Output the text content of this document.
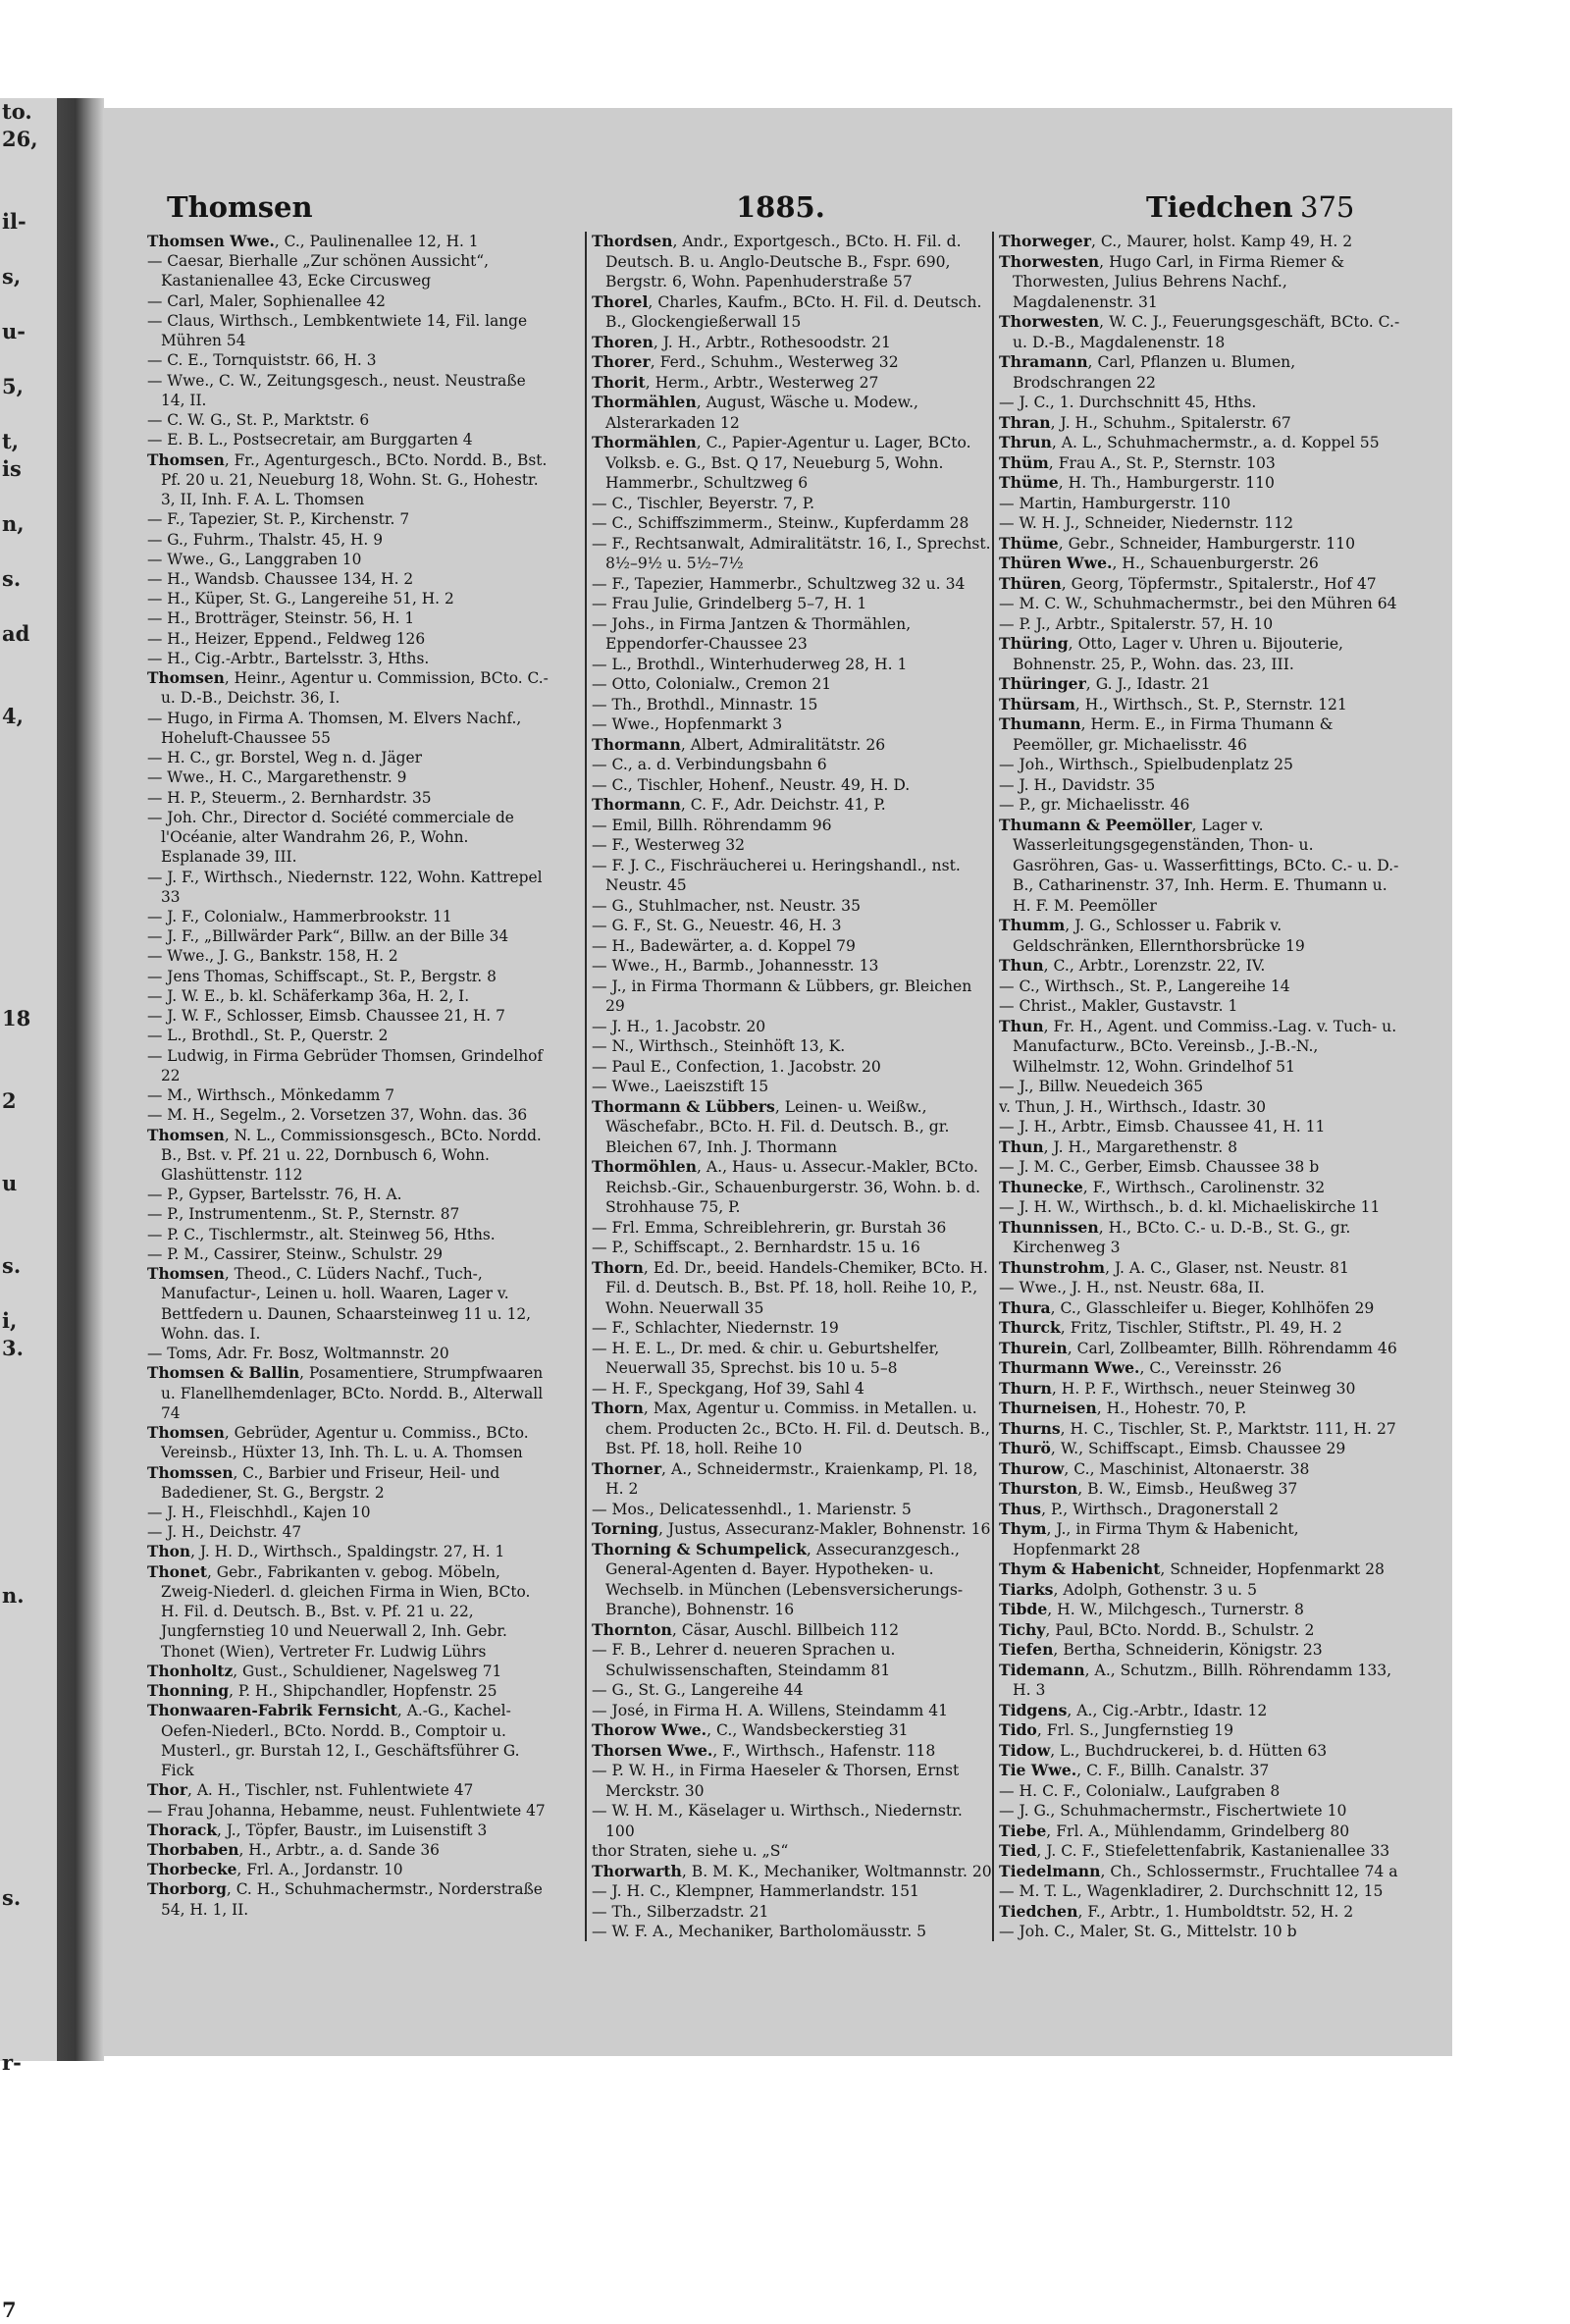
to.
26,
il-
s,
u-
5,
t,
is
n,
s.
ad
4,
18
2
u
s.
i,
3.
n.
s.
r-
7
Thomsen	1885.	Tiedchen 375

Thomsen Wwe., C., Paulinenallee 12, H. 1

— Caesar, Bierhalle „Zur schönen Aussicht“, Kastanienallee 43, Ecke Circusweg

— Carl, Maler, Sophienallee 42

— Claus, Wirthsch., Lembkentwiete 14, Fil. lange Mühren 54

— C. E., Tornquiststr. 66, H. 3

— Wwe., C. W., Zeitungsgesch., neust. Neustraße 14, II.

— C. W. G., St. P., Marktstr. 6

— E. B. L., Postsecretair, am Burggarten 4

Thomsen, Fr., Agenturgesch., BCto. Nordd. B., Bst. Pf. 20 u. 21, Neueburg 18, Wohn. St. G., Hohestr. 3, II, Inh. F. A. L. Thomsen

— F., Tapezier, St. P., Kirchenstr. 7

— G., Fuhrm., Thalstr. 45, H. 9

— Wwe., G., Langgraben 10

— H., Wandsb. Chaussee 134, H. 2

— H., Küper, St. G., Langereihe 51, H. 2

— H., Brotträger, Steinstr. 56, H. 1

— H., Heizer, Eppend., Feldweg 126

— H., Cig.-Arbtr., Bartelsstr. 3, Hths.

Thomsen, Heinr., Agentur u. Commission, BCto. C.- u. D.-B., Deichstr. 36, I.

— Hugo, in Firma A. Thomsen, M. Elvers Nachf., Hoheluft-Chaussee 55

— H. C., gr. Borstel, Weg n. d. Jäger

— Wwe., H. C., Margarethenstr. 9

— H. P., Steuerm., 2. Bernhardstr. 35

— Joh. Chr., Director d. Société commerciale de l'Océanie, alter Wandrahm 26, P., Wohn. Esplanade 39, III.

— J. F., Wirthsch., Niedernstr. 122, Wohn. Kattrepel 33

— J. F., Colonialw., Hammerbrookstr. 11

— J. F., „Billwärder Park“, Billw. an der Bille 34

— Wwe., J. G., Bankstr. 158, H. 2

— Jens Thomas, Schiffscapt., St. P., Bergstr. 8

— J. W. E., b. kl. Schäferkamp 36a, H. 2, I.

— J. W. F., Schlosser, Eimsb. Chaussee 21, H. 7

— L., Brothdl., St. P., Querstr. 2

— Ludwig, in Firma Gebrüder Thomsen, Grindelhof 22

— M., Wirthsch., Mönkedamm 7

— M. H., Segelm., 2. Vorsetzen 37, Wohn. das. 36

Thomsen, N. L., Commissionsgesch., BCto. Nordd. B., Bst. v. Pf. 21 u. 22, Dornbusch 6, Wohn. Glashüttenstr. 112

— P., Gypser, Bartelsstr. 76, H. A.

— P., Instrumentenm., St. P., Sternstr. 87

— P. C., Tischlermstr., alt. Steinweg 56, Hths.

— P. M., Cassirer, Steinw., Schulstr. 29

Thomsen, Theod., C. Lüders Nachf., Tuch-, Manufactur-, Leinen u. holl. Waaren, Lager v. Bettfedern u. Daunen, Schaarsteinweg 11 u. 12, Wohn. das. I.

— Toms, Adr. Fr. Bosz, Woltmannstr. 20

Thomsen & Ballin, Posamentiere, Strumpfwaaren u. Flanellhemdenlager, BCto. Nordd. B., Alterwall 74

Thomsen, Gebrüder, Agentur u. Commiss., BCto. Vereinsb., Hüxter 13, Inh. Th. L. u. A. Thomsen

Thomssen, C., Barbier und Friseur, Heil- und Badediener, St. G., Bergstr. 2

— J. H., Fleischhdl., Kajen 10

— J. H., Deichstr. 47

Thon, J. H. D., Wirthsch., Spaldingstr. 27, H. 1

Thonet, Gebr., Fabrikanten v. gebog. Möbeln, Zweig-Niederl. d. gleichen Firma in Wien, BCto. H. Fil. d. Deutsch. B., Bst. v. Pf. 21 u. 22, Jungfernstieg 10 und Neuerwall 2, Inh. Gebr. Thonet (Wien), Vertreter Fr. Ludwig Lührs

Thonholtz, Gust., Schuldiener, Nagelsweg 71

Thonning, P. H., Shipchandler, Hopfenstr. 25

Thonwaaren-Fabrik Fernsicht, A.-G., Kachel-Oefen-Niederl., BCto. Nordd. B., Comptoir u. Musterl., gr. Burstah 12, I., Geschäftsführer G. Fick

Thor, A. H., Tischler, nst. Fuhlentwiete 47

— Frau Johanna, Hebamme, neust. Fuhlentwiete 47

Thorack, J., Töpfer, Baustr., im Luisenstift 3

Thorbaben, H., Arbtr., a. d. Sande 36

Thorbecke, Frl. A., Jordanstr. 10

Thorborg, C. H., Schuhmachermstr., Norderstraße 54, H. 1, II.

Thordsen, Andr., Exportgesch., BCto. H. Fil. d. Deutsch. B. u. Anglo-Deutsche B., Fspr. 690, Bergstr. 6, Wohn. Papenhuderstraße 57

Thorel, Charles, Kaufm., BCto. H. Fil. d. Deutsch. B., Glockengießerwall 15

Thoren, J. H., Arbtr., Rothesoodstr. 21

Thorer, Ferd., Schuhm., Westerweg 32

Thorit, Herm., Arbtr., Westerweg 27

Thormählen, August, Wäsche u. Modew., Alsterarkaden 12

Thormählen, C., Papier-Agentur u. Lager, BCto. Volksb. e. G., Bst. Q 17, Neueburg 5, Wohn. Hammerbr., Schultzweg 6

— C., Tischler, Beyerstr. 7, P.

— C., Schiffszimmerm., Steinw., Kupferdamm 28

— F., Rechtsanwalt, Admiralitätstr. 16, I., Sprechst. 8½–9½ u. 5½–7½

— F., Tapezier, Hammerbr., Schultzweg 32 u. 34

— Frau Julie, Grindelberg 5–7, H. 1

— Johs., in Firma Jantzen & Thormählen, Eppendorfer-Chaussee 23

— L., Brothdl., Winterhuderweg 28, H. 1

— Otto, Colonialw., Cremon 21

— Th., Brothdl., Minnastr. 15

— Wwe., Hopfenmarkt 3

Thormann, Albert, Admiralitätstr. 26

— C., a. d. Verbindungsbahn 6

— C., Tischler, Hohenf., Neustr. 49, H. D.

Thormann, C. F., Adr. Deichstr. 41, P.

— Emil, Billh. Röhrendamm 96

— F., Westerweg 32

— F. J. C., Fischräucherei u. Heringshandl., nst. Neustr. 45

— G., Stuhlmacher, nst. Neustr. 35

— G. F., St. G., Neuestr. 46, H. 3

— H., Badewärter, a. d. Koppel 79

— Wwe., H., Barmb., Johannesstr. 13

— J., in Firma Thormann & Lübbers, gr. Bleichen 29

— J. H., 1. Jacobstr. 20

— N., Wirthsch., Steinhöft 13, K.

— Paul E., Confection, 1. Jacobstr. 20

— Wwe., Laeiszstift 15

Thormann & Lübbers, Leinen- u. Weißw., Wäschefabr., BCto. H. Fil. d. Deutsch. B., gr. Bleichen 67, Inh. J. Thormann

Thormöhlen, A., Haus- u. Assecur.-Makler, BCto. Reichsb.-Gir., Schauenburgerstr. 36, Wohn. b. d. Strohhause 75, P.

— Frl. Emma, Schreiblehrerin, gr. Burstah 36

— P., Schiffscapt., 2. Bernhardstr. 15 u. 16

Thorn, Ed. Dr., beeid. Handels-Chemiker, BCto. H. Fil. d. Deutsch. B., Bst. Pf. 18, holl. Reihe 10, P., Wohn. Neuerwall 35

— F., Schlachter, Niedernstr. 19

— H. E. L., Dr. med. & chir. u. Geburtshelfer, Neuerwall 35, Sprechst. bis 10 u. 5–8

— H. F., Speckgang, Hof 39, Sahl 4

Thorn, Max, Agentur u. Commiss. in Metallen. u. chem. Producten 2c., BCto. H. Fil. d. Deutsch. B., Bst. Pf. 18, holl. Reihe 10

Thorner, A., Schneidermstr., Kraienkamp, Pl. 18, H. 2

— Mos., Delicatessenhdl., 1. Marienstr. 5

Torning, Justus, Assecuranz-Makler, Bohnenstr. 16

Thorning & Schumpelick, Assecuranzgesch., General-Agenten d. Bayer. Hypotheken- u. Wechselb. in München (Lebensversicherungs-Branche), Bohnenstr. 16

Thornton, Cäsar, Auschl. Billbeich 112

— F. B., Lehrer d. neueren Sprachen u. Schulwissenschaften, Steindamm 81

— G., St. G., Langereihe 44

— José, in Firma H. A. Willens, Steindamm 41

Thorow Wwe., C., Wandsbeckerstieg 31

Thorsen Wwe., F., Wirthsch., Hafenstr. 118

— P. W. H., in Firma Haeseler & Thorsen, Ernst Merckstr. 30

— W. H. M., Käselager u. Wirthsch., Niedernstr. 100

thor Straten, siehe u. „S“

Thorwarth, B. M. K., Mechaniker, Woltmannstr. 20

— J. H. C., Klempner, Hammerlandstr. 151

— Th., Silberzadstr. 21

— W. F. A., Mechaniker, Bartholomäusstr. 5

Thorweger, C., Maurer, holst. Kamp 49, H. 2

Thorwesten, Hugo Carl, in Firma Riemer & Thorwesten, Julius Behrens Nachf., Magdalenenstr. 31

Thorwesten, W. C. J., Feuerungsgeschäft, BCto. C.- u. D.-B., Magdalenenstr. 18

Thramann, Carl, Pflanzen u. Blumen, Brodschrangen 22

— J. C., 1. Durchschnitt 45, Hths.

Thran, J. H., Schuhm., Spitalerstr. 67

Thrun, A. L., Schuhmachermstr., a. d. Koppel 55

Thüm, Frau A., St. P., Sternstr. 103

Thüme, H. Th., Hamburgerstr. 110

— Martin, Hamburgerstr. 110

— W. H. J., Schneider, Niedernstr. 112

Thüme, Gebr., Schneider, Hamburgerstr. 110

Thüren Wwe., H., Schauenburgerstr. 26

Thüren, Georg, Töpfermstr., Spitalerstr., Hof 47

— M. C. W., Schuhmachermstr., bei den Mühren 64

— P. J., Arbtr., Spitalerstr. 57, H. 10

Thüring, Otto, Lager v. Uhren u. Bijouterie, Bohnenstr. 25, P., Wohn. das. 23, III.

Thüringer, G. J., Idastr. 21

Thürsam, H., Wirthsch., St. P., Sternstr. 121

Thumann, Herm. E., in Firma Thumann & Peemöller, gr. Michaelisstr. 46

— Joh., Wirthsch., Spielbudenplatz 25

— J. H., Davidstr. 35

— P., gr. Michaelisstr. 46

Thumann & Peemöller, Lager v. Wasserleitungsgegenständen, Thon- u. Gasröhren, Gas- u. Wasserfittings, BCto. C.- u. D.-B., Catharinenstr. 37, Inh. Herm. E. Thumann u. H. F. M. Peemöller

Thumm, J. G., Schlosser u. Fabrik v. Geldschränken, Ellernthorsbrücke 19

Thun, C., Arbtr., Lorenzstr. 22, IV.

— C., Wirthsch., St. P., Langereihe 14

— Christ., Makler, Gustavstr. 1

Thun, Fr. H., Agent. und Commiss.-Lag. v. Tuch- u. Manufacturw., BCto. Vereinsb., J.-B.-N., Wilhelmstr. 12, Wohn. Grindelhof 51

— J., Billw. Neuedeich 365

v. Thun, J. H., Wirthsch., Idastr. 30

— J. H., Arbtr., Eimsb. Chaussee 41, H. 11

Thun, J. H., Margarethenstr. 8

— J. M. C., Gerber, Eimsb. Chaussee 38 b

Thunecke, F., Wirthsch., Carolinenstr. 32

— J. H. W., Wirthsch., b. d. kl. Michaeliskirche 11

Thunnissen, H., BCto. C.- u. D.-B., St. G., gr. Kirchenweg 3

Thunstrohm, J. A. C., Glaser, nst. Neustr. 81

— Wwe., J. H., nst. Neustr. 68a, II.

Thura, C., Glasschleifer u. Bieger, Kohlhöfen 29

Thurck, Fritz, Tischler, Stiftstr., Pl. 49, H. 2

Thurein, Carl, Zollbeamter, Billh. Röhrendamm 46

Thurmann Wwe., C., Vereinsstr. 26

Thurn, H. P. F., Wirthsch., neuer Steinweg 30

Thurneisen, H., Hohestr. 70, P.

Thurns, H. C., Tischler, St. P., Marktstr. 111, H. 27

Thurö, W., Schiffscapt., Eimsb. Chaussee 29

Thurow, C., Maschinist, Altonaerstr. 38

Thurston, B. W., Eimsb., Heußweg 37

Thus, P., Wirthsch., Dragonerstall 2

Thym, J., in Firma Thym & Habenicht, Hopfenmarkt 28

Thym & Habenicht, Schneider, Hopfenmarkt 28

Tiarks, Adolph, Gothenstr. 3 u. 5

Tibde, H. W., Milchgesch., Turnerstr. 8

Tichy, Paul, BCto. Nordd. B., Schulstr. 2

Tiefen, Bertha, Schneiderin, Königstr. 23

Tidemann, A., Schutzm., Billh. Röhrendamm 133, H. 3

Tidgens, A., Cig.-Arbtr., Idastr. 12

Tido, Frl. S., Jungfernstieg 19

Tidow, L., Buchdruckerei, b. d. Hütten 63

Tie Wwe., C. F., Billh. Canalstr. 37

— H. C. F., Colonialw., Laufgraben 8

— J. G., Schuhmachermstr., Fischertwiete 10

Tiebe, Frl. A., Mühlendamm, Grindelberg 80

Tied, J. C. F., Stiefelettenfabrik, Kastanienallee 33

Tiedelmann, Ch., Schlossermstr., Fruchtallee 74 a

— M. T. L., Wagenkladirer, 2. Durchschnitt 12, 15

Tiedchen, F., Arbtr., 1. Humboldtstr. 52, H. 2

— Joh. C., Maler, St. G., Mittelstr. 10 b
